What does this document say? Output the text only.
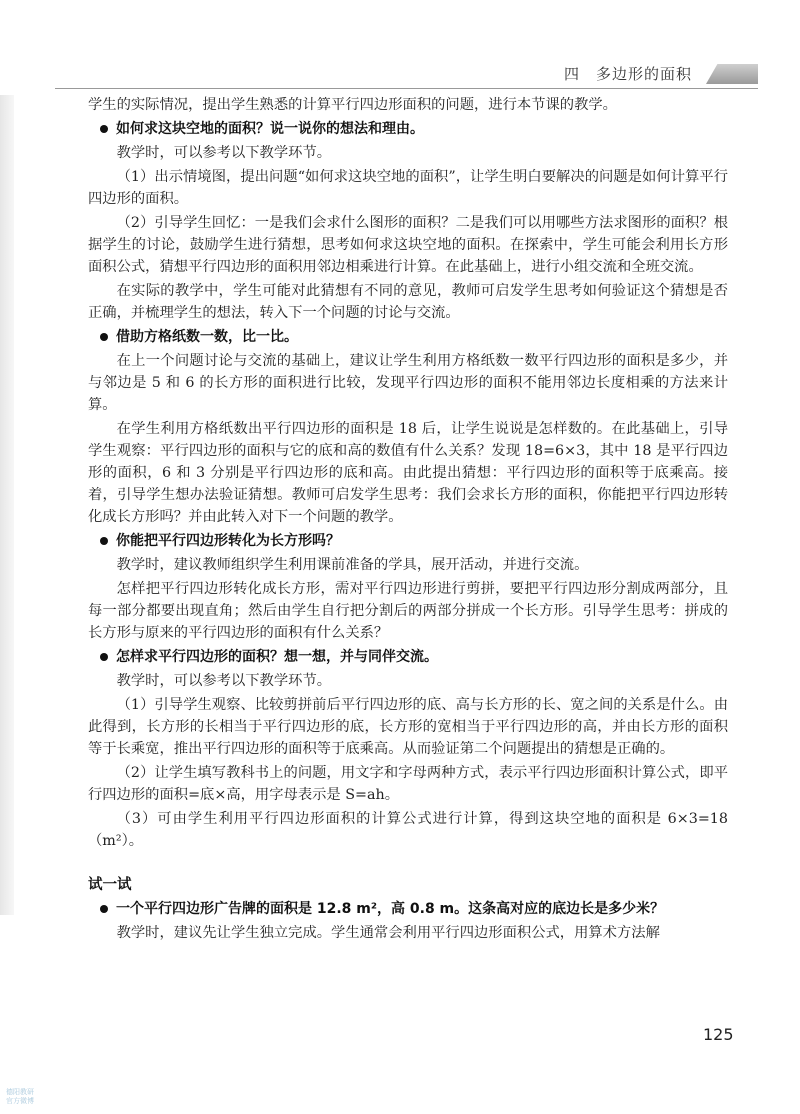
四　多边形的面积

学生的实际情况，提出学生熟悉的计算平行四边形面积的问题，进行本节课的教学。

如何求这块空地的面积？说一说你的想法和理由。

教学时，可以参考以下教学环节。

（1）出示情境图，提出问题“如何求这块空地的面积”，让学生明白要解决的问题是如何计算平行四边形的面积。

（2）引导学生回忆：一是我们会求什么图形的面积？二是我们可以用哪些方法求图形的面积？根据学生的讨论，鼓励学生进行猜想，思考如何求这块空地的面积。在探索中，学生可能会利用长方形面积公式，猜想平行四边形的面积用邻边相乘进行计算。在此基础上，进行小组交流和全班交流。

在实际的教学中，学生可能对此猜想有不同的意见，教师可启发学生思考如何验证这个猜想是否正确，并梳理学生的想法，转入下一个问题的讨论与交流。

借助方格纸数一数，比一比。

在上一个问题讨论与交流的基础上，建议让学生利用方格纸数一数平行四边形的面积是多少，并与邻边是 5 和 6 的长方形的面积进行比较，发现平行四边形的面积不能用邻边长度相乘的方法来计算。

在学生利用方格纸数出平行四边形的面积是 18 后，让学生说说是怎样数的。在此基础上，引导学生观察：平行四边形的面积与它的底和高的数值有什么关系？发现 18=6×3，其中 18 是平行四边形的面积，6 和 3 分别是平行四边形的底和高。由此提出猜想：平行四边形的面积等于底乘高。接着，引导学生想办法验证猜想。教师可启发学生思考：我们会求长方形的面积，你能把平行四边形转化成长方形吗？并由此转入对下一个问题的教学。

你能把平行四边形转化为长方形吗？

教学时，建议教师组织学生利用课前准备的学具，展开活动，并进行交流。

怎样把平行四边形转化成长方形，需对平行四边形进行剪拼，要把平行四边形分割成两部分，且每一部分都要出现直角；然后由学生自行把分割后的两部分拼成一个长方形。引导学生思考：拼成的长方形与原来的平行四边形的面积有什么关系？

怎样求平行四边形的面积？想一想，并与同伴交流。

教学时，可以参考以下教学环节。

（1）引导学生观察、比较剪拼前后平行四边形的底、高与长方形的长、宽之间的关系是什么。由此得到，长方形的长相当于平行四边形的底，长方形的宽相当于平行四边形的高，并由长方形的面积等于长乘宽，推出平行四边形的面积等于底乘高。从而验证第二个问题提出的猜想是正确的。

（2）让学生填写教科书上的问题，用文字和字母两种方式，表示平行四边形面积计算公式，即平行四边形的面积=底×高，用字母表示是 S=ah。

（3）可由学生利用平行四边形面积的计算公式进行计算，得到这块空地的面积是 6×3=18（m²）。

试一试
一个平行四边形广告牌的面积是 12.8 m²，高 0.8 m。这条高对应的底边长是多少米？

教学时，建议先让学生独立完成。学生通常会利用平行四边形面积公式，用算术方法解

125
德阳教研
官方微博
